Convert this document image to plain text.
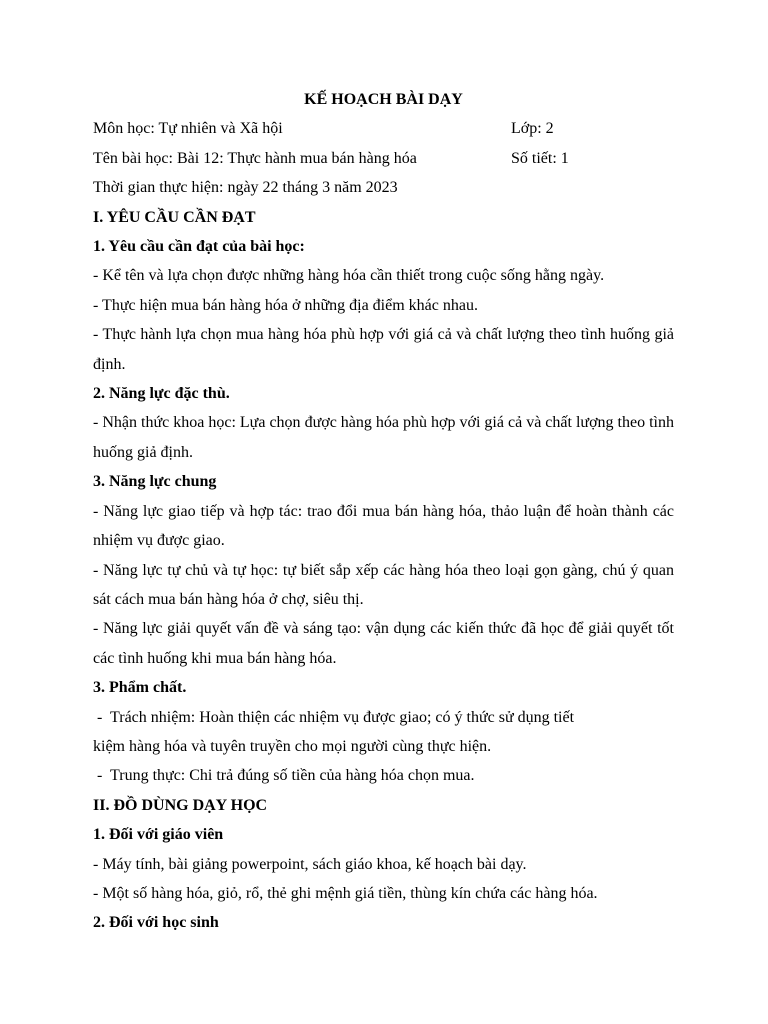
KẾ HOẠCH BÀI DẠY
Môn học: Tự nhiên và Xã hội	Lớp: 2
Tên bài học: Bài 12: Thực hành mua bán hàng hóa	Số tiết: 1
Thời gian thực hiện: ngày 22 tháng 3 năm 2023
I. YÊU CẦU CẦN ĐẠT
1. Yêu cầu cần đạt của bài học:
- Kể tên và lựa chọn được những hàng hóa cần thiết trong cuộc sống hằng ngày.
- Thực hiện mua bán hàng hóa ở những địa điểm khác nhau.
- Thực hành lựa chọn mua hàng hóa phù hợp với giá cả và chất lượng theo tình huống giả định.
2. Năng lực đặc thù.
- Nhận thức khoa học: Lựa chọn được hàng hóa phù hợp với giá cả và chất lượng theo tình huống giả định.
3. Năng lực chung
- Năng lực giao tiếp và hợp tác: trao đổi mua bán hàng hóa, thảo luận để hoàn thành các nhiệm vụ được giao.
- Năng lực tự chủ và tự học: tự biết sắp xếp các hàng hóa theo loại gọn gàng, chú ý quan sát cách mua bán hàng hóa ở chợ, siêu thị.
- Năng lực giải quyết vấn đề và sáng tạo: vận dụng các kiến thức đã học để giải quyết tốt các tình huống khi mua bán hàng hóa.
3. Phẩm chất.
-  Trách nhiệm: Hoàn thiện các nhiệm vụ được giao; có ý thức sử dụng tiết
kiệm hàng hóa và tuyên truyền cho mọi người cùng thực hiện.
-  Trung thực: Chi trả đúng số tiền của hàng hóa chọn mua.
II. ĐỒ DÙNG DẠY HỌC
1. Đối với giáo viên
- Máy tính, bài giảng powerpoint, sách giáo khoa, kế hoạch bài dạy.
- Một số hàng hóa, giỏ, rổ, thẻ ghi mệnh giá tiền, thùng kín chứa các hàng hóa.
2. Đối với học sinh
